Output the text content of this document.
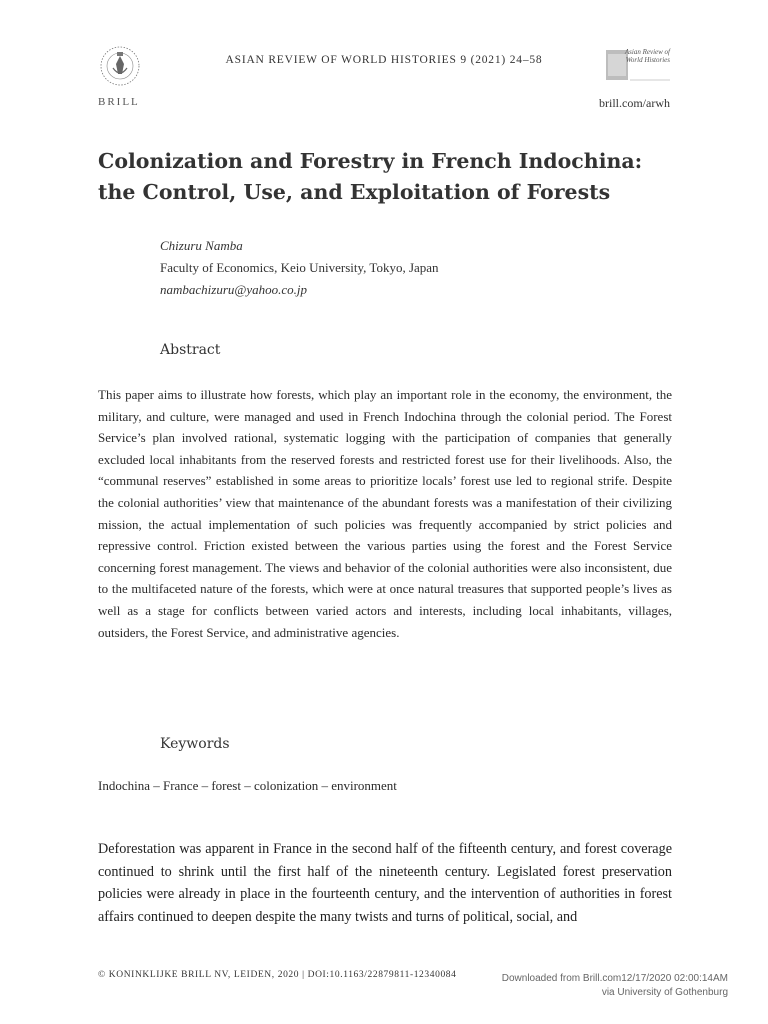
BRILL
ASIAN REVIEW OF WORLD HISTORIES 9 (2021) 24–58
Asian Review of World Histories
brill.com/arwh
Colonization and Forestry in French Indochina: the Control, Use, and Exploitation of Forests
Chizuru Namba
Faculty of Economics, Keio University, Tokyo, Japan
nambachizuru@yahoo.co.jp
Abstract
This paper aims to illustrate how forests, which play an important role in the economy, the environment, the military, and culture, were managed and used in French Indochina through the colonial period. The Forest Service’s plan involved rational, systematic logging with the participation of companies that generally excluded local inhabitants from the reserved forests and restricted forest use for their livelihoods. Also, the “communal reserves” established in some areas to prioritize locals’ forest use led to regional strife. Despite the colonial authorities’ view that maintenance of the abundant forests was a manifestation of their civilizing mission, the actual implementation of such policies was frequently accompanied by strict policies and repressive control. Friction existed between the various parties using the forest and the Forest Service concerning forest management. The views and behavior of the colonial authorities were also inconsistent, due to the multifaceted nature of the forests, which were at once natural treasures that supported people’s lives as well as a stage for conflicts between varied actors and interests, including local inhabitants, villages, outsiders, the Forest Service, and administrative agencies.
Keywords
Indochina – France – forest – colonization – environment
Deforestation was apparent in France in the second half of the fifteenth century, and forest coverage continued to shrink until the first half of the nineteenth century. Legislated forest preservation policies were already in place in the fourteenth century, and the intervention of authorities in forest affairs continued to deepen despite the many twists and turns of political, social, and
© KONINKLIJKE BRILL NV, LEIDEN, 2020 | DOI:10.1163/22879811-12340084	Downloaded from Brill.com12/17/2020 02:00:14AM
via University of Gothenburg
